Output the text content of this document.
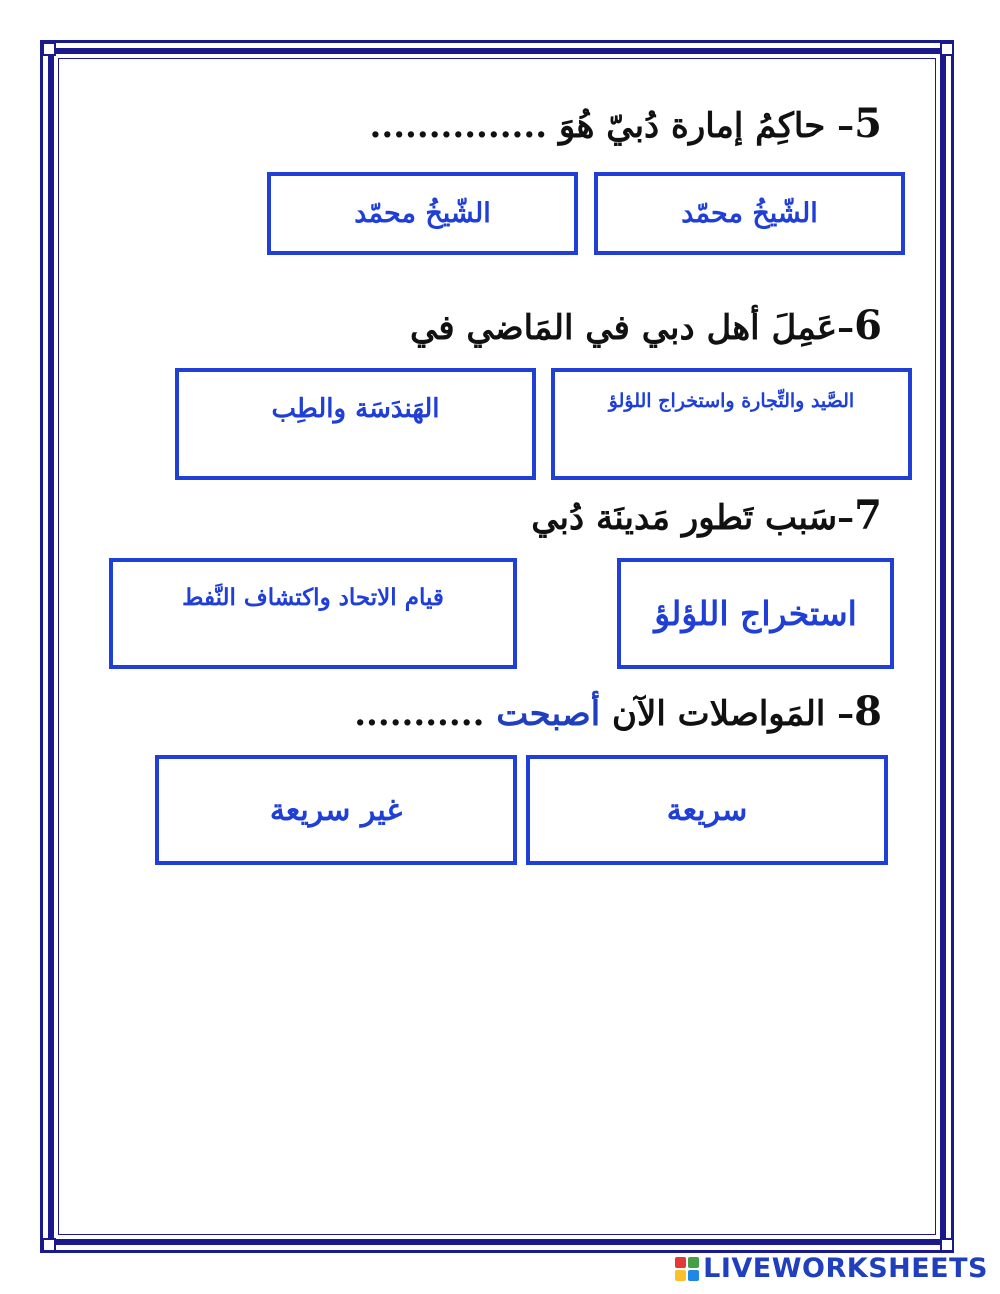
5– حاكِمُ إمارة دُبيّ هُوَ ...............
الشّيخُ محمّد
الشّيخُ محمّد
6–عَمِلَ أهل دبي في المَاضي في
الصَّيد والتِّجارة واستخراج اللؤلؤ
الهَندَسَة والطِب
7–سَبب تَطور مَدينَة دُبي
استخراج اللؤلؤ
قيام الاتحاد واكتشاف النَّفط
8– المَواصلات الآن أصبحت ...........
سريعة
غير سريعة
LIVEWORKSHEETS
